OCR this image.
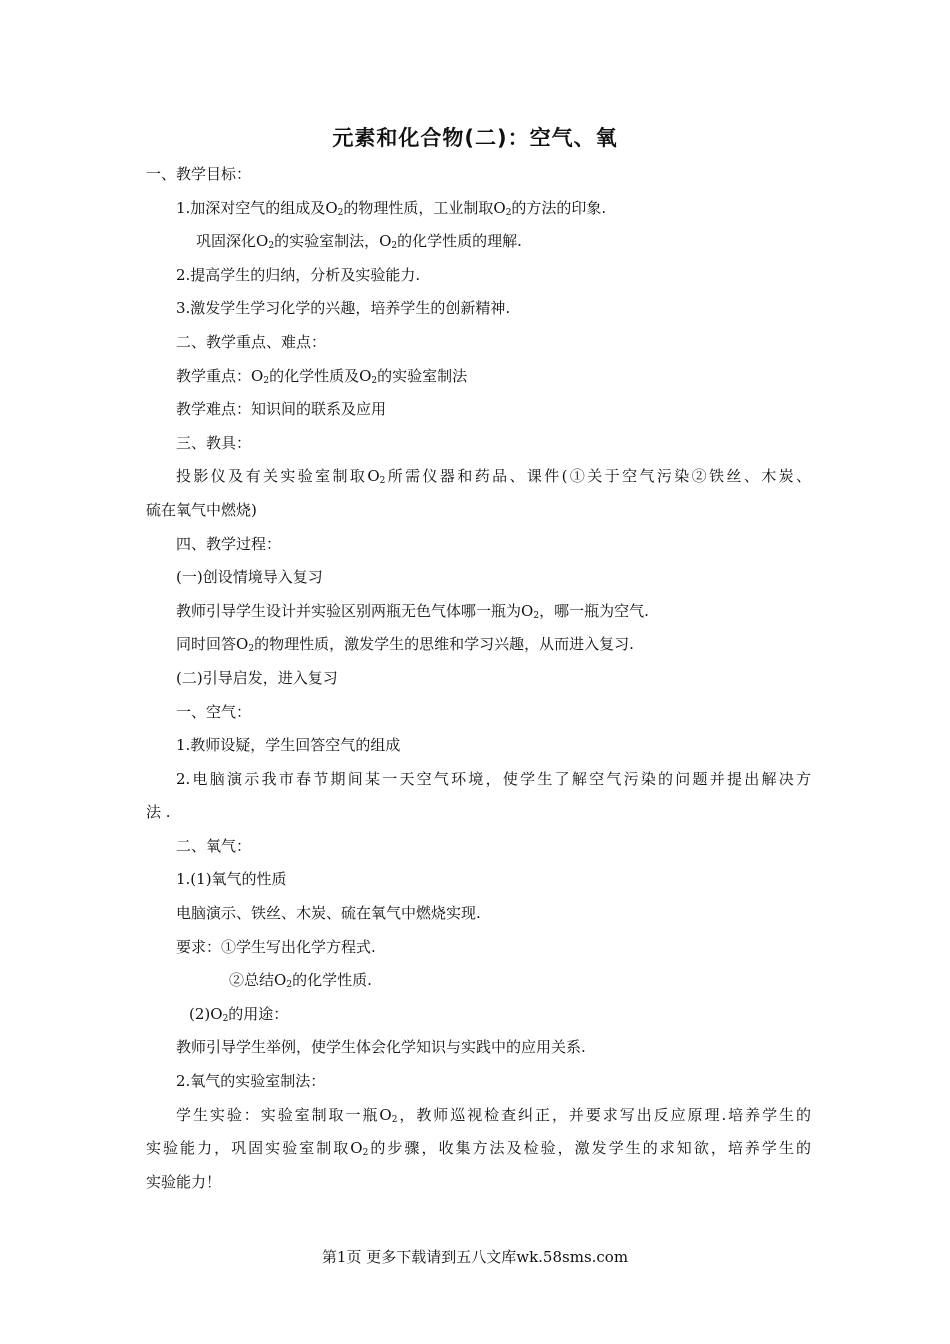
元素和化合物(二)：空气、氧
一、教学目标：
1.加深对空气的组成及$O_2$的物理性质，工业制取$O_2$的方法的印象.
巩固深化$O_2$的实验室制法，$O_2$的化学性质的理解.
2.提高学生的归纳，分析及实验能力.
3.激发学生学习化学的兴趣，培养学生的创新精神.
二、教学重点、难点：
教学重点：$O_2$的化学性质及$O_2$的实验室制法
教学难点：知识间的联系及应用
三、教具：
投影仪及有关实验室制取$O_2$所需仪器和药品、课件(①关于空气污染②铁丝、木炭、
硫在氧气中燃烧)
四、教学过程：
(一)创设情境导入复习
教师引导学生设计并实验区别两瓶无色气体哪一瓶为$O_2$，哪一瓶为空气.
同时回答$O_2$的物理性质，激发学生的思维和学习兴趣，从而进入复习.
(二)引导启发，进入复习
一、空气：
1.教师设疑，学生回答空气的组成
2.电脑演示我市春节期间某一天空气环境，使学生了解空气污染的问题并提出解决方
法 .
二、氧气：
1.(1)氧气的性质
电脑演示、铁丝、木炭、硫在氧气中燃烧实现.
要求：①学生写出化学方程式.
②总结$O_2$的化学性质.
$(2)O_2$的用途：
教师引导学生举例，使学生体会化学知识与实践中的应用关系.
2.氧气的实验室制法：
学生实验：实验室制取一瓶$O_2$，教师巡视检查纠正，并要求写出反应原理.培养学生的
实验能力，巩固实验室制取$O_2$的步骤，收集方法及检验，激发学生的求知欲，培养学生的
实验能力！
第1页 更多下载请到五八文库wk.58sms.com
